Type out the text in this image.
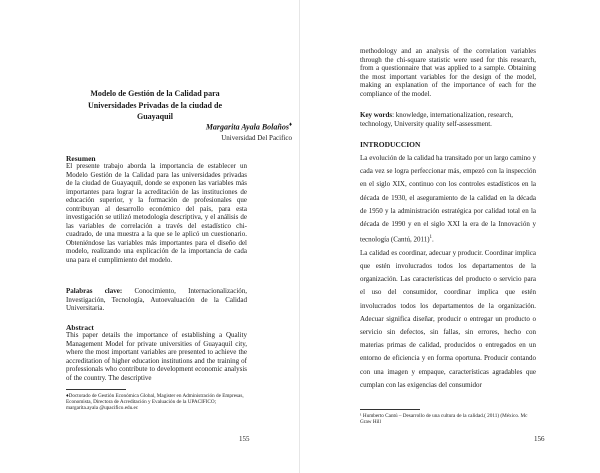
Modelo de Gestión de la Calidad para Universidades Privadas de la ciudad de Guayaquil
Margarita Ayala Bolaños♦
Universidad Del Pacifico
Resumen
El presente trabajo aborda la importancia de establecer un Modelo Gestión de la Calidad para las universidades privadas de la ciudad de Guayaquil, donde se exponen las variables más importantes para lograr la acreditación de las instituciones de educación superior, y la formación de profesionales que contribuyan al desarrollo económico del país, para esta investigación se utilizó metodología descriptiva, y el análisis de las variables de correlación a través del estadístico chi- cuadrado, de una muestra a la que se le aplicó un cuestionario. Obteniéndose las variables más importantes para el diseño del modelo, realizando una explicación de la importancia de cada una para el cumplimiento del modelo.
Palabras clave: Conocimiento, Internacionalización, Investigación, Tecnología, Autoevaluación de la Calidad Universitaria.
Abstract
This paper details the importance of establishing a Quality Management Model for private universities of Guayaquil city, where the most important variables are presented to achieve the accreditation of higher education institutions and the training of professionals who contribute to development economic analysis of the country. The descriptive
♦Doctorado de Gestión Económica Global, Magister en Administración de Empresas, Economista, Directora de Acreditación y Evaluación de la UPACIFICO; margarita.ayala @upacifico.edu.ec
155
methodology and an analysis of the correlation variables through the chi-square statistic were used for this research, from a questionnaire that was applied to a sample. Obtaining the most important variables for the design of the model, making an explanation of the importance of each for the compliance of the model.
Key words: knowledge, internationalization, research, technology, University quality self-assessment.
INTRODUCCION
La evolución de la calidad ha transitado por un largo camino y cada vez se logra perfeccionar más, empezó con la inspección en el siglo XIX, continuo con los controles estadísticos en la década de 1930, el aseguramiento de la calidad en la década de 1950 y la administración estratégica por calidad total en la década de 1990 y en el siglo XXI la era de la Innovación y tecnología (Cantú, 2011)$^1$.
La calidad es coordinar, adecuar y producir. Coordinar implica que estén involucrados todos los departamentos de la organización. Las características del producto o servicio para el uso del consumidor, coordinar implica que estén involucrados todos los departamentos de la organización. Adecuar significa diseñar, producir o entregar un producto o servicio sin defectos, sin fallas, sin errores, hecho con materias primas de calidad, producidos o entregados en un entorno de eficiencia y en forma oportuna. Producir contando con una imagen y empaque, características agradables que cumplan con las exigencias del consumidor
¹ Humberto Cantú – Desarrollo de una cultura de la calidad.( 2011) (México. Mc Graw Hill
156
